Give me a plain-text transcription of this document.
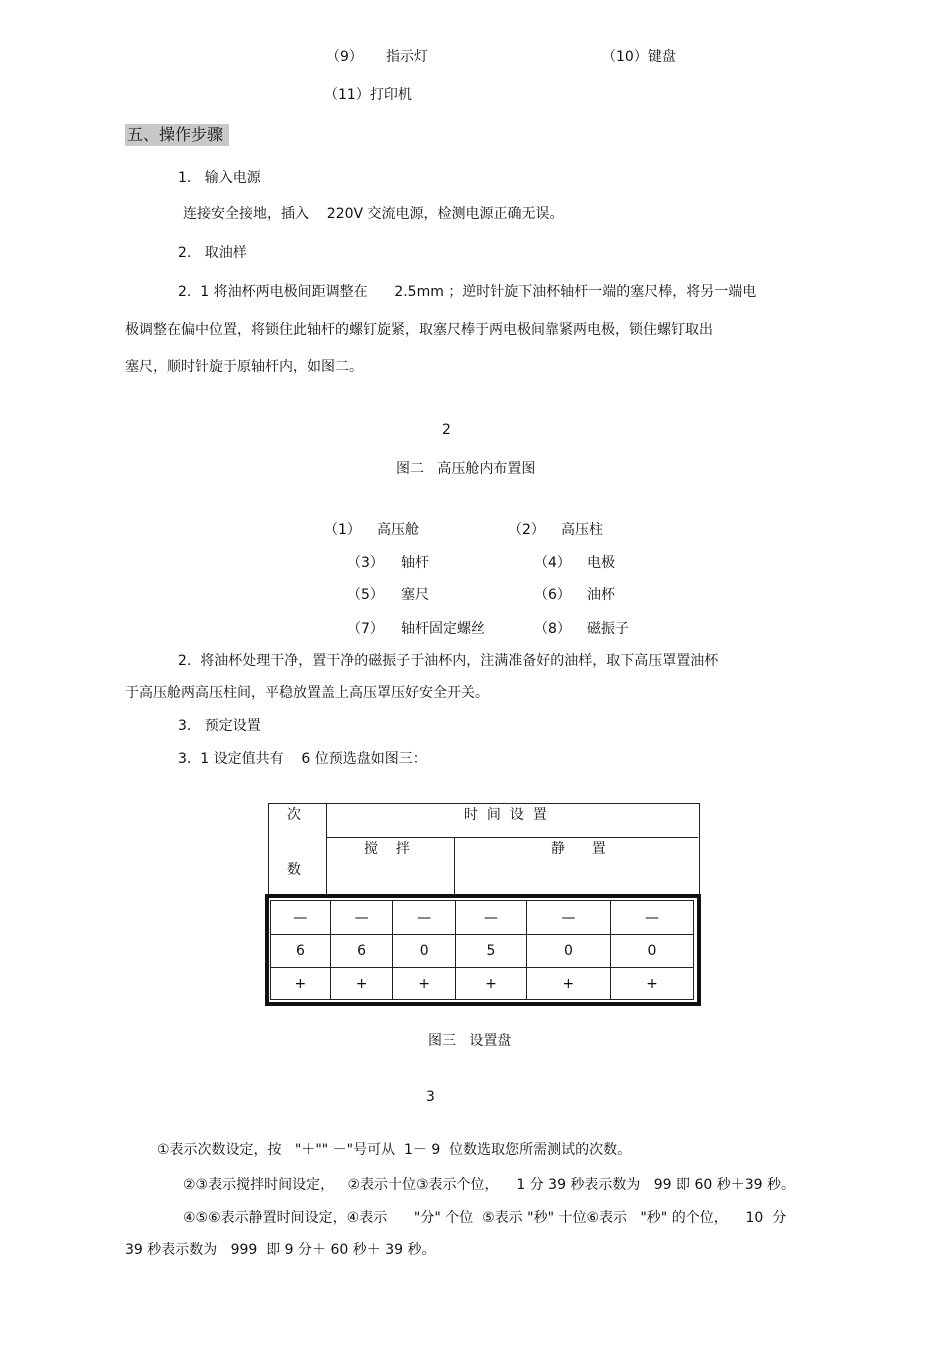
（9） 指示灯	（10）键盘
（11）打印机
五、操作步骤
1.   输入电源
连接安全接地，插入    220V 交流电源，检测电源正确无误。
2.   取油样
2.  1 将油杯两电极间距调整在      2.5mm ；逆时针旋下油杯轴杆一端的塞尺棒，将另一端电
极调整在偏中位置，将锁住此轴杆的螺钉旋紧，取塞尺棒于两电极间靠紧两电极，锁住螺钉取出
塞尺，顺时针旋于原轴杆内，如图二。
2
图二   高压舱内布置图
（1） 高压舱	（2） 高压柱
（3） 轴杆	（4） 电极
（5） 塞尺	（6） 油杯
（7） 轴杆固定螺丝	（8） 磁振子
2.  将油杯处理干净，置干净的磁振子于油杯内，注满准备好的油样，取下高压罩置油杯
于高压舱两高压柱间，平稳放置盖上高压罩压好安全开关。
3.   预定设置
3.  1 设定值共有    6 位预选盘如图三：
次
数
时  间  设  置
搅    拌	静      置
—	—	—	—	—	—
6	6	0	5	0	0
+	+	+	+	+	+
图三   设置盘
3
①表示次数设定，按   "＋"" －"号可从  1－ 9  位数选取您所需测试的次数。
②③表示搅拌时间设定，   ②表示十位③表示个位，    1 分 39 秒表示数为   99 即 60 秒＋39 秒。
④⑤⑥表示静置时间设定，④表示      "分" 个位  ⑤表示 "秒" 十位⑥表示   "秒" 的个位，    10  分
39 秒表示数为   999  即 9 分＋ 60 秒＋ 39 秒。
